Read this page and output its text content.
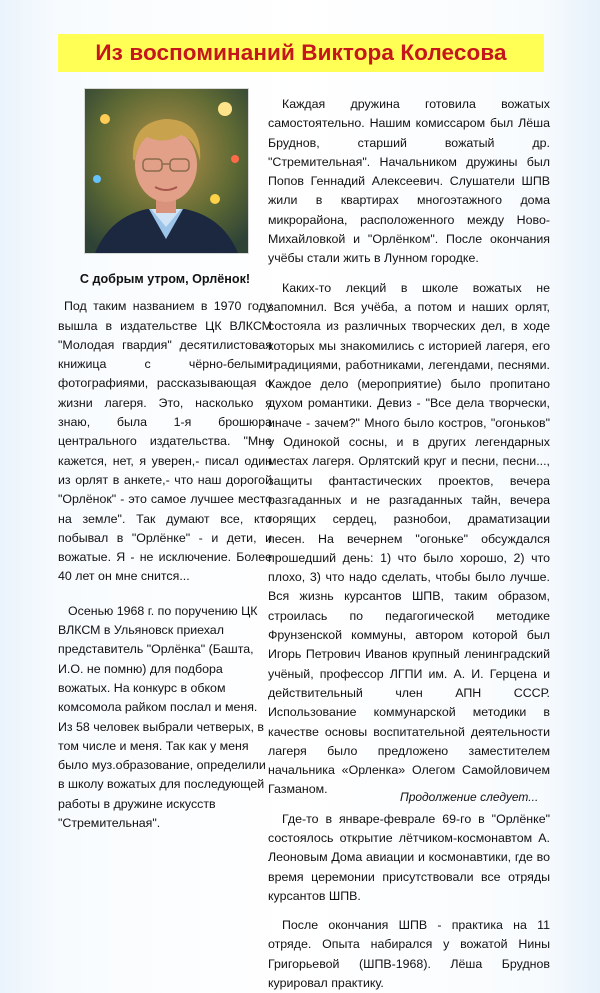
Из воспоминаний Виктора Колесова

С добрым утром, Орлёнок!

Под таким названием в 1970 году вышла в издательстве ЦК ВЛКСМ "Молодая гвардия" десятилистовая книжица с чёрно-белыми фотографиями, рассказывающая о жизни лагеря. Это, насколько я знаю, была 1-я брошюра центрального издательства. "Мне кажется, нет, я уверен,- писал один из орлят в анкете,- что наш дорогой "Орлёнок" - это самое лучшее место на земле". Так думают все, кто побывал в "Орлёнке" - и дети, и вожатые. Я - не исключение. Более 40 лет он мне снится...

Осенью 1968 г. по поручению ЦК ВЛКСМ в Ульяновск приехал представитель "Орлёнка" (Башта, И.О. не помню) для подбора вожатых. На конкурс в обком комсомола райком послал и меня. Из 58 человек выбрали четверых, в том числе и меня. Так как у меня было муз.образование, определили в школу вожатых для последующей работы в дружине искусств "Стремительная".

Каждая дружина готовила вожатых самостоятельно. Нашим комиссаром был Лёша Бруднов, старший вожатый др. "Стремительная". Начальником дружины был Попов Геннадий Алексеевич. Слушатели ШПВ жили в квартирах многоэтажного дома микрорайона, расположенного между Ново-Михайловкой и "Орлёнком". После окончания учёбы стали жить в Лунном городке.

Каких-то лекций в школе вожатых не запомнил. Вся учёба, а потом и наших орлят, состояла из различных творческих дел, в ходе которых мы знакомились с историей лагеря, его традициями, работниками, легендами, песнями. Каждое дело (мероприятие) было пропитано духом романтики. Девиз - "Все дела творчески, иначе - зачем?" Много было костров, "огоньков" у Одинокой сосны, и в других легендарных местах лагеря. Орлятский круг и песни, песни..., защиты фантастических проектов, вечера разгаданных и не разгаданных тайн, вечера горящих сердец, разнобои, драматизации песен. На вечернем "огоньке" обсуждался прошедший день: 1) что было хорошо, 2) что плохо, 3) что надо сделать, чтобы было лучше. Вся жизнь курсантов ШПВ, таким образом, строилась по педагогической методике Фрунзенской коммуны, автором которой был Игорь Петрович Иванов крупный ленинградский учёный, профессор ЛГПИ им. А. И. Герцена и действительный член АПН СССР. Использование коммунарской методики в качестве основы воспитательной деятельности лагеря было предложено заместителем начальника «Орленка» Олегом Самойловичем Газманом.

Где-то в январе-феврале 69-го в "Орлёнке" состоялось открытие лётчиком-космонавтом А. Леоновым Дома авиации и космонавтики, где во время церемонии присутствовали все отряды курсантов ШПВ.

После окончания ШПВ - практика на 11 отряде. Опыта набирался у вожатой Нины Григорьевой (ШПВ-1968). Лёша Бруднов курировал практику.

Продолжение следует...
